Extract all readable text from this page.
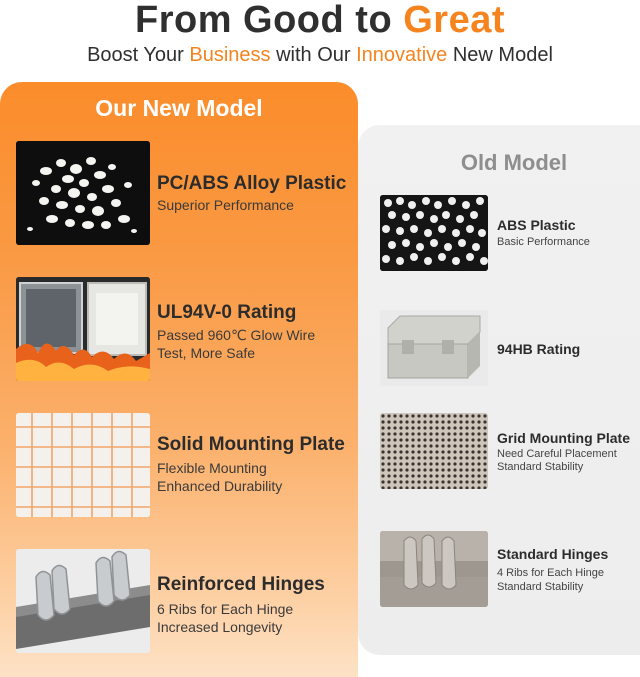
From Good to Great
Boost Your Business with Our Innovative New Model
Our New Model
Old Model
PC/ABS Alloy Plastic
Superior Performance
UL94V-0 Rating
Passed 960℃ Glow Wire
Test, More Safe
Solid Mounting Plate
Flexible Mounting
Enhanced Durability
Reinforced Hinges
6 Ribs for Each Hinge
Increased Longevity
ABS Plastic
Basic Performance
94HB Rating
Grid Mounting Plate
Need Careful Placement
Standard Stability
Standard Hinges
4 Ribs for Each Hinge
Standard Stability
